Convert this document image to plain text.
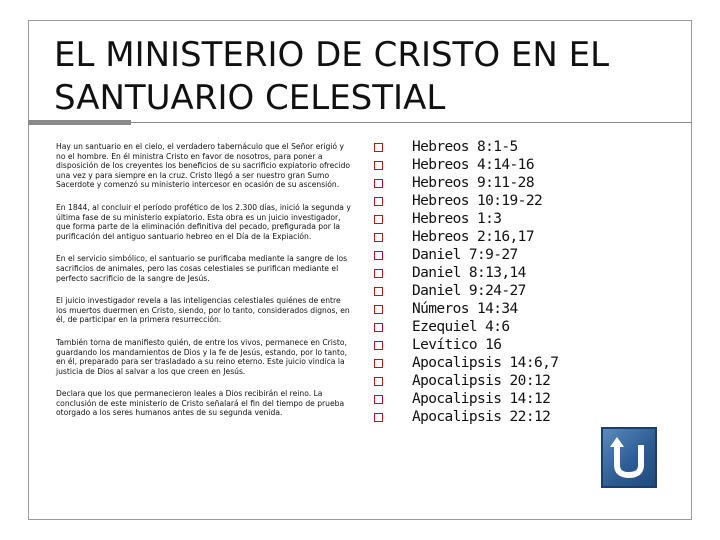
EL MINISTERIO DE CRISTO EN EL
SANTUARIO CELESTIAL

Hay un santuario en el cielo, el verdadero tabernáculo que el Señor erigió y no el hombre. En él ministra Cristo en favor de nosotros, para poner a disposición de los creyentes los beneficios de su sacrificio expiatorio ofrecido una vez y para siempre en la cruz. Cristo llegó a ser nuestro gran Sumo Sacerdote y comenzó su ministerio intercesor en ocasión de su ascensión.

En 1844, al concluir el período profético de los 2.300 días, inició la segunda y última fase de su ministerio expiatorio. Esta obra es un juicio investigador, que forma parte de la eliminación definitiva del pecado, prefigurada por la purificación del antiguo santuario hebreo en el Día de la Expiación.

En el servicio simbólico, el santuario se purificaba mediante la sangre de los sacrificios de animales, pero las cosas celestiales se purifican mediante el perfecto sacrificio de la sangre de Jesús.

El juicio investigador revela a las inteligencias celestiales quiénes de entre los muertos duermen en Cristo, siendo, por lo tanto, considerados dignos, en él, de participar en la primera resurrección.

También torna de manifiesto quién, de entre los vivos, permanece en Cristo, guardando los mandamientos de Dios y la fe de Jesús, estando, por lo tanto, en él, preparado para ser trasladado a su reino eterno. Este juicio vindica la justicia de Dios al salvar a los que creen en Jesús.

Declara que los que permanecieron leales a Dios recibirán el reino. La conclusión de este ministerio de Cristo señalará el fin del tiempo de prueba otorgado a los seres humanos antes de su segunda venida.

Hebreos 8:1-5
Hebreos 4:14-16
Hebreos 9:11-28
Hebreos 10:19-22
Hebreos 1:3
Hebreos 2:16,17
Daniel 7:9-27
Daniel 8:13,14
Daniel 9:24-27
Números 14:34
Ezequiel 4:6
Levítico 16
Apocalipsis 14:6,7
Apocalipsis 20:12
Apocalipsis 14:12
Apocalipsis 22:12
